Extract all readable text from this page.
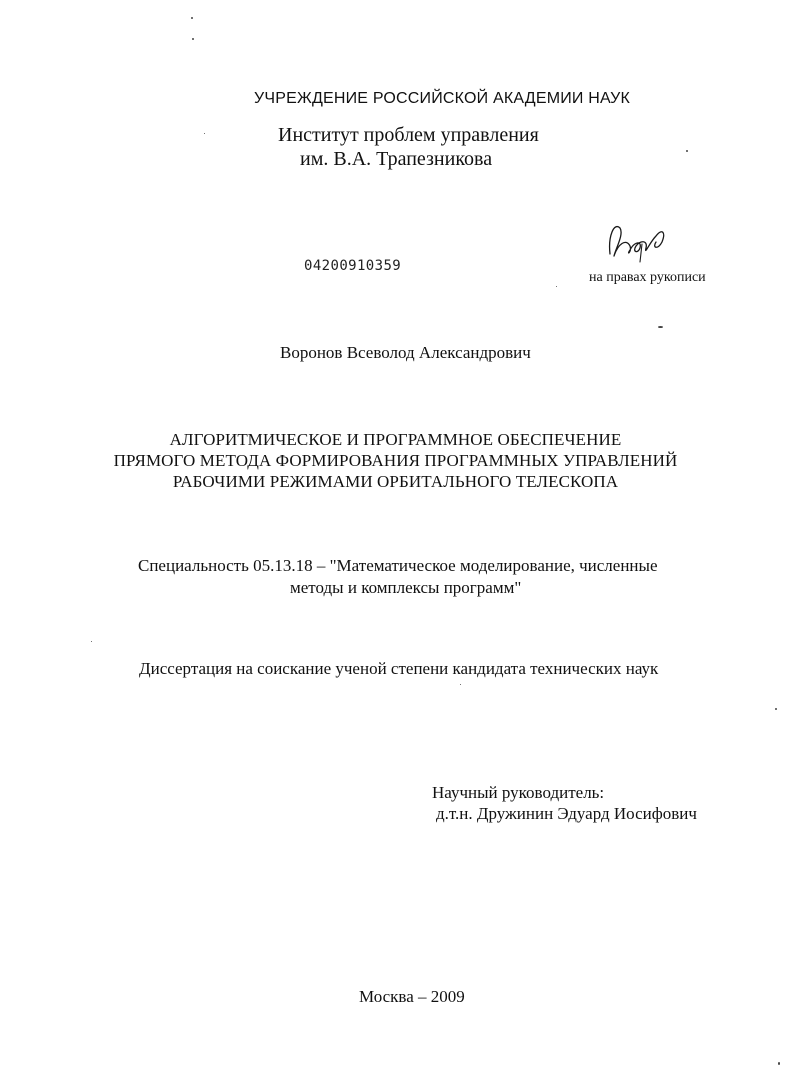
УЧРЕЖДЕНИЕ РОССИЙСКОЙ АКАДЕМИИ НАУК
Институт проблем управления
им. В.А. Трапезникова
04200910359
на правах рукописи
Воронов Всеволод Александрович
АЛГОРИТМИЧЕСКОЕ И ПРОГРАММНОЕ ОБЕСПЕЧЕНИЕ
ПРЯМОГО МЕТОДА ФОРМИРОВАНИЯ ПРОГРАММНЫХ УПРАВЛЕНИЙ
РАБОЧИМИ РЕЖИМАМИ ОРБИТАЛЬНОГО ТЕЛЕСКОПА
Специальность 05.13.18 – "Математическое моделирование, численные
методы и комплексы программ"
Диссертация на соискание ученой степени кандидата технических наук
Научный руководитель:
д.т.н. Дружинин Эдуард Иосифович
Москва – 2009
